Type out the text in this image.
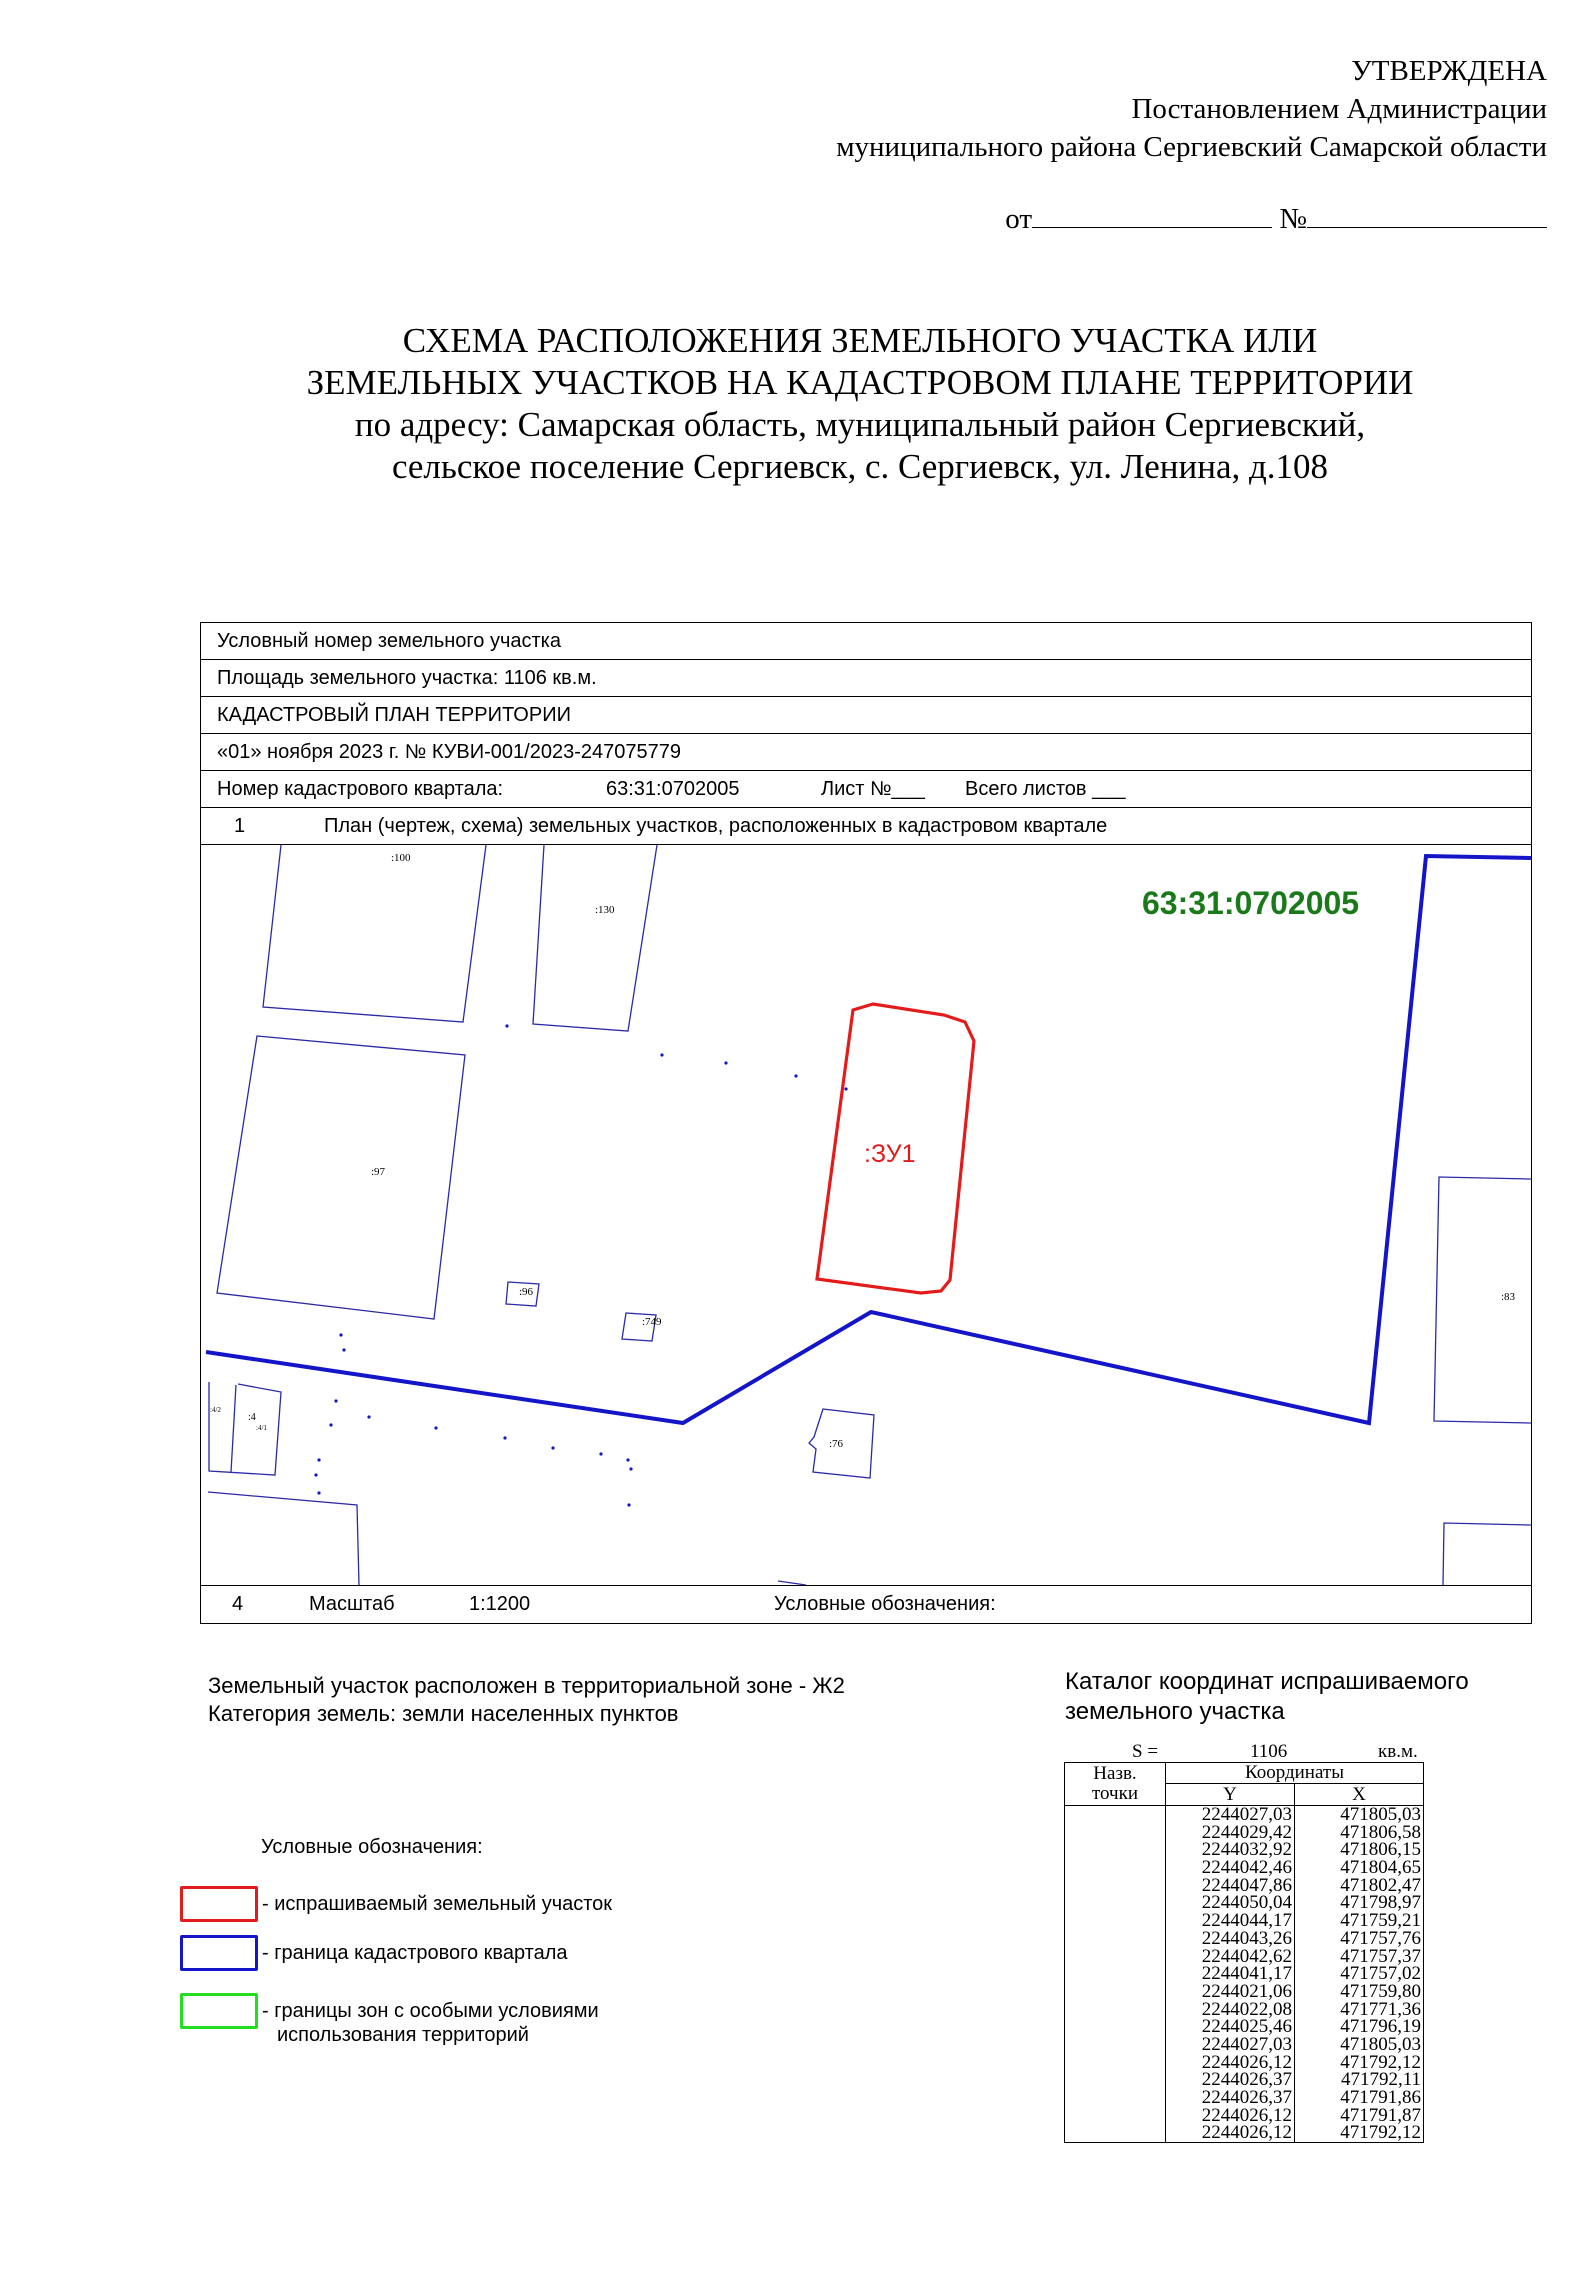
УТВЕРЖДЕНА
Постановлением Администрации
муниципального района Сергиевский Самарской области
от	№
СХЕМА РАСПОЛОЖЕНИЯ ЗЕМЕЛЬНОГО УЧАСТКА ИЛИ
ЗЕМЕЛЬНЫХ УЧАСТКОВ НА КАДАСТРОВОМ ПЛАНЕ ТЕРРИТОРИИ
по адресу: Самарская область, муниципальный район Сергиевский,
сельское поселение Сергиевск, с. Сергиевск, ул. Ленина, д.108
Условный номер земельного участка
Площадь земельного участка: 1106 кв.м.
КАДАСТРОВЫЙ ПЛАН ТЕРРИТОРИИ
«01» ноября 2023 г. № КУВИ-001/2023-247075779
Номер кадастрового квартала:	63:31:0702005	Лист №___ Всего листов ___
1	План (чертеж, схема) земельных участков, расположенных в кадастровом квартале
63:31:0702005
:ЗУ1
:100
:130
:97
:96
:749
:83
:76
:4
:4/2
:4/1
4	Масштаб	1:1200	Условные обозначения:
Земельный участок расположен в территориальной зоне - Ж2
Категория земель: земли населенных пунктов
Условные обозначения:
- испрашиваемый земельный участок
- граница кадастрового квартала
- границы зон с особыми условиями
использования территорий
Каталог координат испрашиваемого
земельного участка
S =	1106	кв.м.
Назв.
точки
Координаты
Y	X
2244027,03	471805,03
2244029,42	471806,58
2244032,92	471806,15
2244042,46	471804,65
2244047,86	471802,47
2244050,04	471798,97
2244044,17	471759,21
2244043,26	471757,76
2244042,62	471757,37
2244041,17	471757,02
2244021,06	471759,80
2244022,08	471771,36
2244025,46	471796,19
2244027,03	471805,03
2244026,12	471792,12
2244026,37	471792,11
2244026,37	471791,86
2244026,12	471791,87
2244026,12	471792,12
